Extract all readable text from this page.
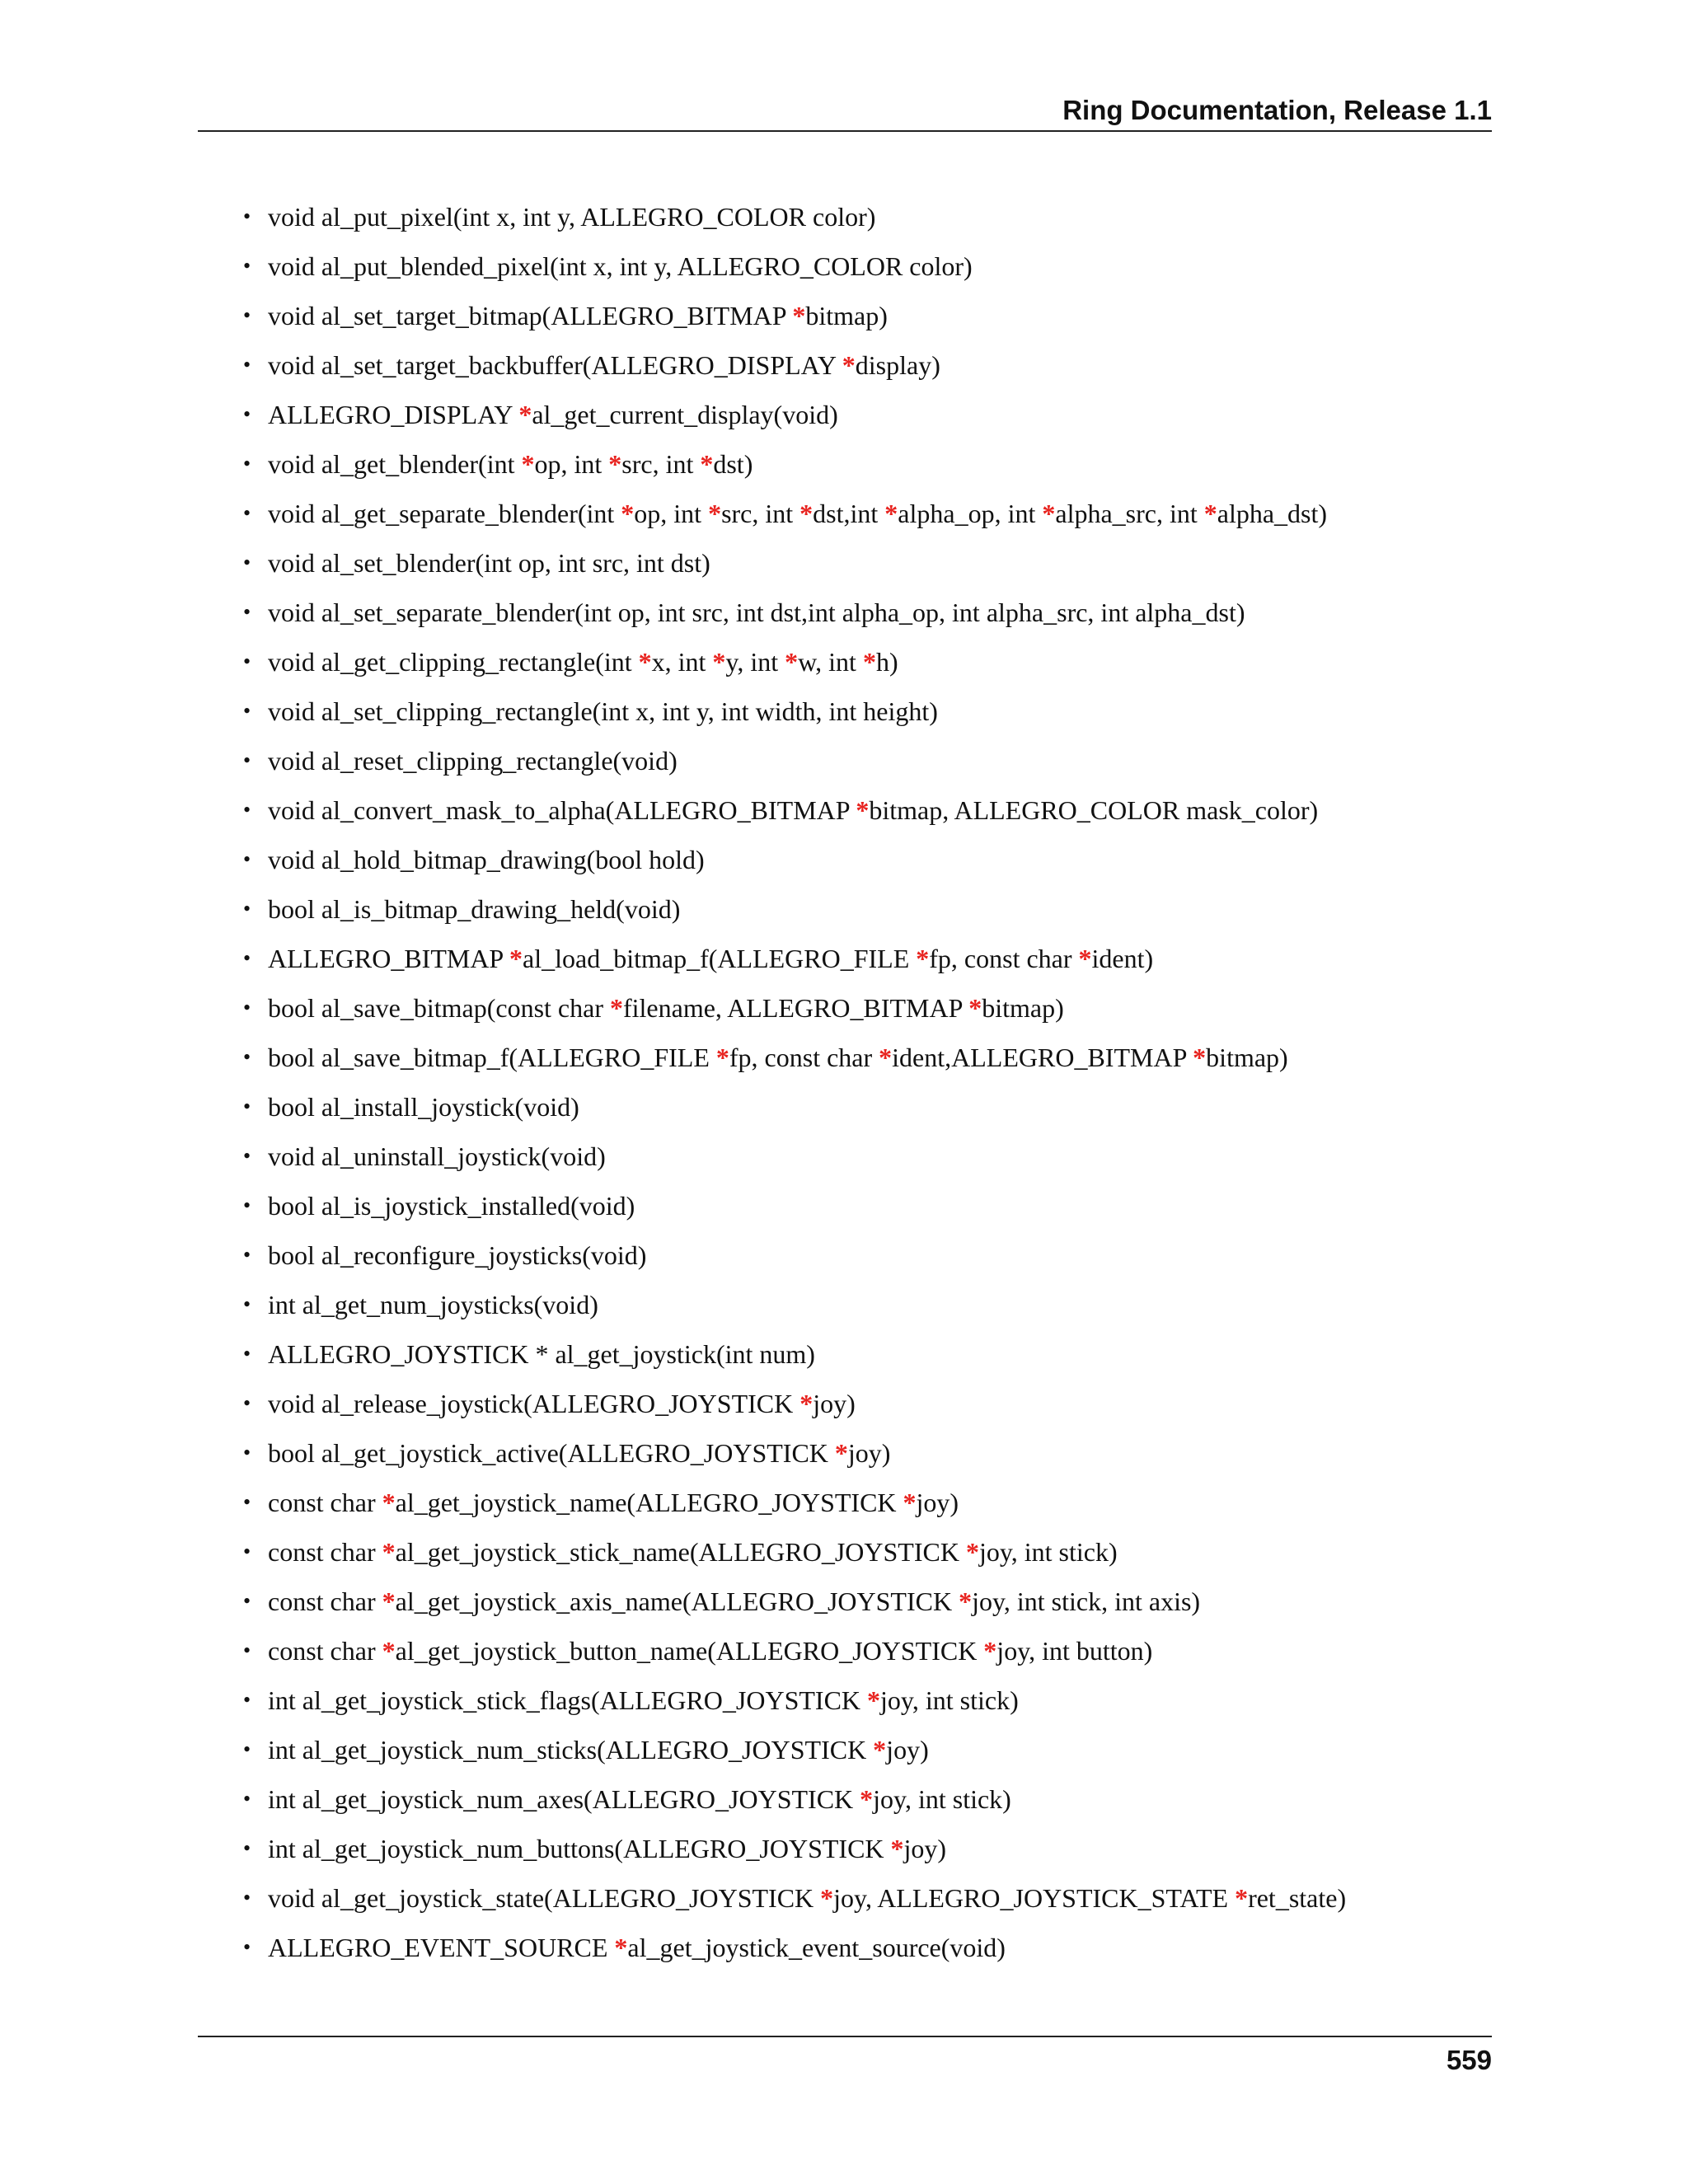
Ring Documentation, Release 1.1
• void al_put_pixel(int x, int y, ALLEGRO_COLOR color)
• void al_put_blended_pixel(int x, int y, ALLEGRO_COLOR color)
• void al_set_target_bitmap(ALLEGRO_BITMAP *bitmap)
• void al_set_target_backbuffer(ALLEGRO_DISPLAY *display)
• ALLEGRO_DISPLAY *al_get_current_display(void)
• void al_get_blender(int *op, int *src, int *dst)
• void al_get_separate_blender(int *op, int *src, int *dst,int *alpha_op, int *alpha_src, int *alpha_dst)
• void al_set_blender(int op, int src, int dst)
• void al_set_separate_blender(int op, int src, int dst,int alpha_op, int alpha_src, int alpha_dst)
• void al_get_clipping_rectangle(int *x, int *y, int *w, int *h)
• void al_set_clipping_rectangle(int x, int y, int width, int height)
• void al_reset_clipping_rectangle(void)
• void al_convert_mask_to_alpha(ALLEGRO_BITMAP *bitmap, ALLEGRO_COLOR mask_color)
• void al_hold_bitmap_drawing(bool hold)
• bool al_is_bitmap_drawing_held(void)
• ALLEGRO_BITMAP *al_load_bitmap_f(ALLEGRO_FILE *fp, const char *ident)
• bool al_save_bitmap(const char *filename, ALLEGRO_BITMAP *bitmap)
• bool al_save_bitmap_f(ALLEGRO_FILE *fp, const char *ident,ALLEGRO_BITMAP *bitmap)
• bool al_install_joystick(void)
• void al_uninstall_joystick(void)
• bool al_is_joystick_installed(void)
• bool al_reconfigure_joysticks(void)
• int al_get_num_joysticks(void)
• ALLEGRO_JOYSTICK * al_get_joystick(int num)
• void al_release_joystick(ALLEGRO_JOYSTICK *joy)
• bool al_get_joystick_active(ALLEGRO_JOYSTICK *joy)
• const char *al_get_joystick_name(ALLEGRO_JOYSTICK *joy)
• const char *al_get_joystick_stick_name(ALLEGRO_JOYSTICK *joy, int stick)
• const char *al_get_joystick_axis_name(ALLEGRO_JOYSTICK *joy, int stick, int axis)
• const char *al_get_joystick_button_name(ALLEGRO_JOYSTICK *joy, int button)
• int al_get_joystick_stick_flags(ALLEGRO_JOYSTICK *joy, int stick)
• int al_get_joystick_num_sticks(ALLEGRO_JOYSTICK *joy)
• int al_get_joystick_num_axes(ALLEGRO_JOYSTICK *joy, int stick)
• int al_get_joystick_num_buttons(ALLEGRO_JOYSTICK *joy)
• void al_get_joystick_state(ALLEGRO_JOYSTICK *joy, ALLEGRO_JOYSTICK_STATE *ret_state)
• ALLEGRO_EVENT_SOURCE *al_get_joystick_event_source(void)
559
